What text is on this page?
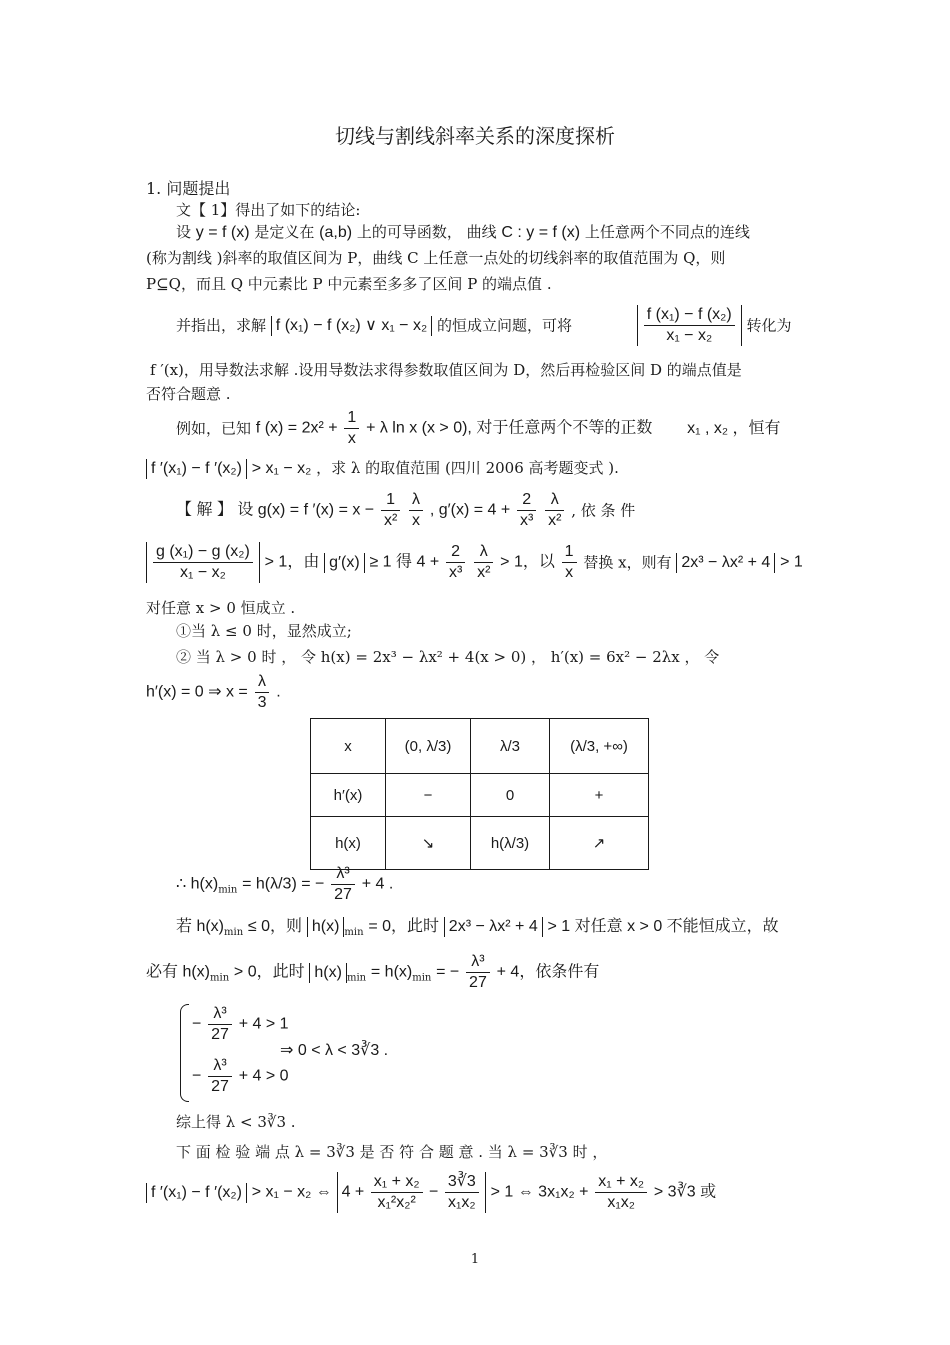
切线与割线斜率关系的深度探析
1. 问题提出
文【 1】得出了如下的结论:
设 y = f (x) 是定义在 (a,b) 上的可导函数， 曲线 C : y = f (x) 上任意两个不同点的连线
(称为割线 )斜率的取值区间为 P，曲线 C 上任意一点处的切线斜率的取值范围为 Q，则
P⊆Q，而且 Q 中元素比 P 中元素至多多了区间 P 的端点值 .
并指出，求解 f (x₁) − f (x₂) ∨ x₁ − x₂ 的恒成立问题，可将	$\frac{\text{f (x₁) − f (x₂)}}{\text{x₁ − x₂}}$ 转化为
f ′(x)，用导数法求解 .设用导数法求得参数取值区间为 D，然后再检验区间 D 的端点值是
否符合题意 .
例如，已知 f $(x) = 2x^2 + \frac{1}{x} + \lambda$ ln x (x > 0), 对于任意两个不等的正数 x₁ , x₂ ，恒有
f ′(x₁) − f ′(x₂) > x₁ − x₂ ，求 λ 的取值范围 (四川 2006 高考题变式 ).
【 解 】 设 g(x) = f $'(x) = x - \frac{1}{\text{x²}}$
$\frac{\lambda}{x}$ , $g'(x) = 4 + \frac{2}{\text{x³}}$
$\frac{\lambda}{\text{x²}}$ , 依 条 件
$\frac{\text{g (x₁) − g (x₂)}}{\text{x₁ − x₂}} > 1$，由 g′(x) ≥ 1 得 $4 + \frac{2}{\text{x³}}$
$\frac{\lambda}{\text{x²}} > 1$，以 $\frac{1}{x}$ 替换 x，则有 2x³ − λx² + 4 > 1
对任意 x > 0 恒成立 .
①当 λ ≤ 0 时，显然成立;
② 当 λ > 0 时 ， 令 h(x) = 2x³ − λx² + 4(x > 0) ， h′(x) = 6x² − 2λx ， 令
h′(x) = 0 ⇒ $x = \frac{\lambda}{3}$ .
x	(0, λ/3)	λ/3	(λ/3, +∞)
h′(x)	−	0	+
h(x)	↘	h(λ/3)	↗
∴ $h(x)_{min} = h(\lambda/3)$ = − $\frac{\text{λ³}}{27} + 4$ .
若 $h(x)_{min} \le 0$，则 h(x) $_{min}$ = 0，此时 2x³ − λx² + 4 > 1 对任意 x > 0 不能恒成立，故
必有 $h(x)_{min} > 0$，此时 h(x) $_{min} = h(x)_{min}$ = − $\frac{\text{λ³}}{27} + 4$，依条件有
− $\frac{\text{λ³}}{27} + 4 > 1$
⇒ 0 < λ < 3∛3 .
− $\frac{\text{λ³}}{27} + 4 > 0$
综上得 λ < 3∛3 .
下 面 检 验 端 点 λ = 3∛3 是 否 符 合 题 意 . 当 λ = 3∛3 时 ，
f ′(x₁) − f ′(x₂) > x₁ − x₂ ⇔ $4 + \frac{\text{x₁ + x₂}}{\text{x₁²x₂²}} - \frac{3∛3}{\text{x₁x₂}} > 1$ ⇔ $3x_1x_2 + \frac{\text{x₁ + x₂}}{\text{x₁x₂}}$ > 3∛3 或
1
